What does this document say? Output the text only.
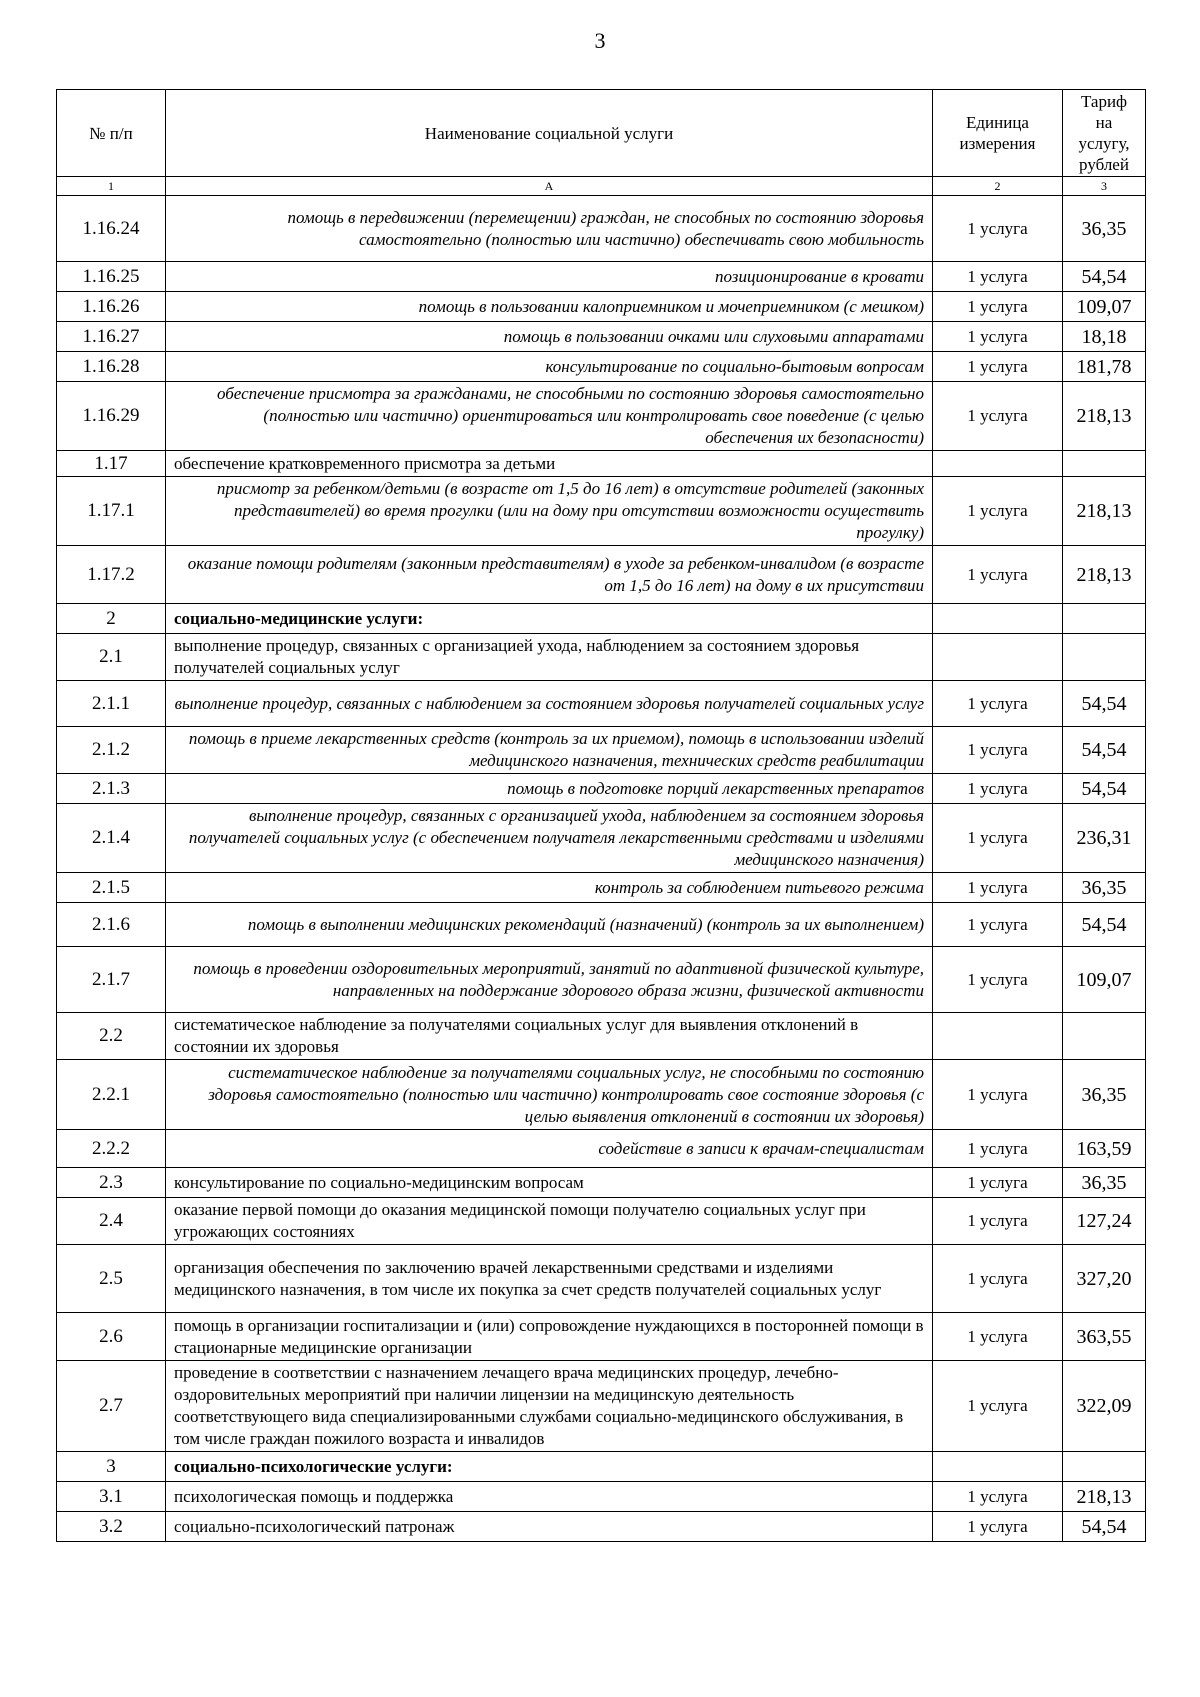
3
№ п/п	Наименование социальной услуги	Единица измерения	Тариф на услугу, рублей
1	А	2	3
1.16.24	помощь в передвижении (перемещении) граждан, не способных по состоянию здоровья самостоятельно (полностью или частично) обеспечивать свою мобильность	1 услуга	36,35
1.16.25	позиционирование в кровати	1 услуга	54,54
1.16.26	помощь в пользовании калоприемником и мочеприемником (с мешком)	1 услуга	109,07
1.16.27	помощь в пользовании очками или слуховыми аппаратами	1 услуга	18,18
1.16.28	консультирование по социально-бытовым вопросам	1 услуга	181,78
1.16.29	обеспечение присмотра за гражданами, не способными по состоянию здоровья самостоятельно (полностью или частично) ориентироваться или контролировать свое поведение (с целью обеспечения их безопасности)	1 услуга	218,13
1.17	обеспечение кратковременного присмотра за детьми		
1.17.1	присмотр за ребенком/детьми (в возрасте от 1,5 до 16 лет) в отсутствие родителей (законных представителей) во время прогулки (или на дому при отсутствии возможности осуществить прогулку)	1 услуга	218,13
1.17.2	оказание помощи родителям (законным представителям) в уходе за ребенком-инвалидом (в возрасте от 1,5 до 16 лет) на дому в их присутствии	1 услуга	218,13
2	социально-медицинские услуги:		
2.1	выполнение процедур, связанных с организацией ухода, наблюдением за состоянием здоровья получателей социальных услуг		
2.1.1	выполнение процедур, связанных с наблюдением за состоянием здоровья получателей социальных услуг	1 услуга	54,54
2.1.2	помощь в приеме лекарственных средств (контроль за их приемом), помощь в использовании изделий медицинского назначения, технических средств реабилитации	1 услуга	54,54
2.1.3	помощь в подготовке порций лекарственных препаратов	1 услуга	54,54
2.1.4	выполнение процедур, связанных с организацией ухода, наблюдением за состоянием здоровья получателей социальных услуг (с обеспечением получателя лекарственными средствами и изделиями медицинского назначения)	1 услуга	236,31
2.1.5	контроль за соблюдением питьевого режима	1 услуга	36,35
2.1.6	помощь в выполнении медицинских рекомендаций (назначений) (контроль за их выполнением)	1 услуга	54,54
2.1.7	помощь в проведении оздоровительных мероприятий, занятий по адаптивной физической культуре, направленных на поддержание здорового образа жизни, физической активности	1 услуга	109,07
2.2	систематическое наблюдение за получателями социальных услуг для выявления отклонений в состоянии их здоровья		
2.2.1	систематическое наблюдение за получателями социальных услуг, не способными по состоянию здоровья самостоятельно (полностью или частично) контролировать свое состояние здоровья (с целью выявления отклонений в состоянии их здоровья)	1 услуга	36,35
2.2.2	содействие в записи к врачам-специалистам	1 услуга	163,59
2.3	консультирование по социально-медицинским вопросам	1 услуга	36,35
2.4	оказание первой помощи до оказания медицинской помощи получателю социальных услуг при угрожающих состояниях	1 услуга	127,24
2.5	организация обеспечения по заключению врачей лекарственными средствами и изделиями медицинского назначения, в том числе их покупка за счет средств получателей социальных услуг	1 услуга	327,20
2.6	помощь в организации госпитализации и (или) сопровождение нуждающихся в посторонней помощи в стационарные медицинские организации	1 услуга	363,55
2.7	проведение в соответствии с назначением лечащего врача медицинских процедур, лечебно-оздоровительных мероприятий при наличии лицензии на медицинскую деятельность соответствующего вида специализированными службами социально-медицинского обслуживания, в том числе граждан пожилого возраста и инвалидов	1 услуга	322,09
3	социально-психологические услуги:		
3.1	психологическая помощь и поддержка	1 услуга	218,13
3.2	социально-психологический патронаж	1 услуга	54,54
